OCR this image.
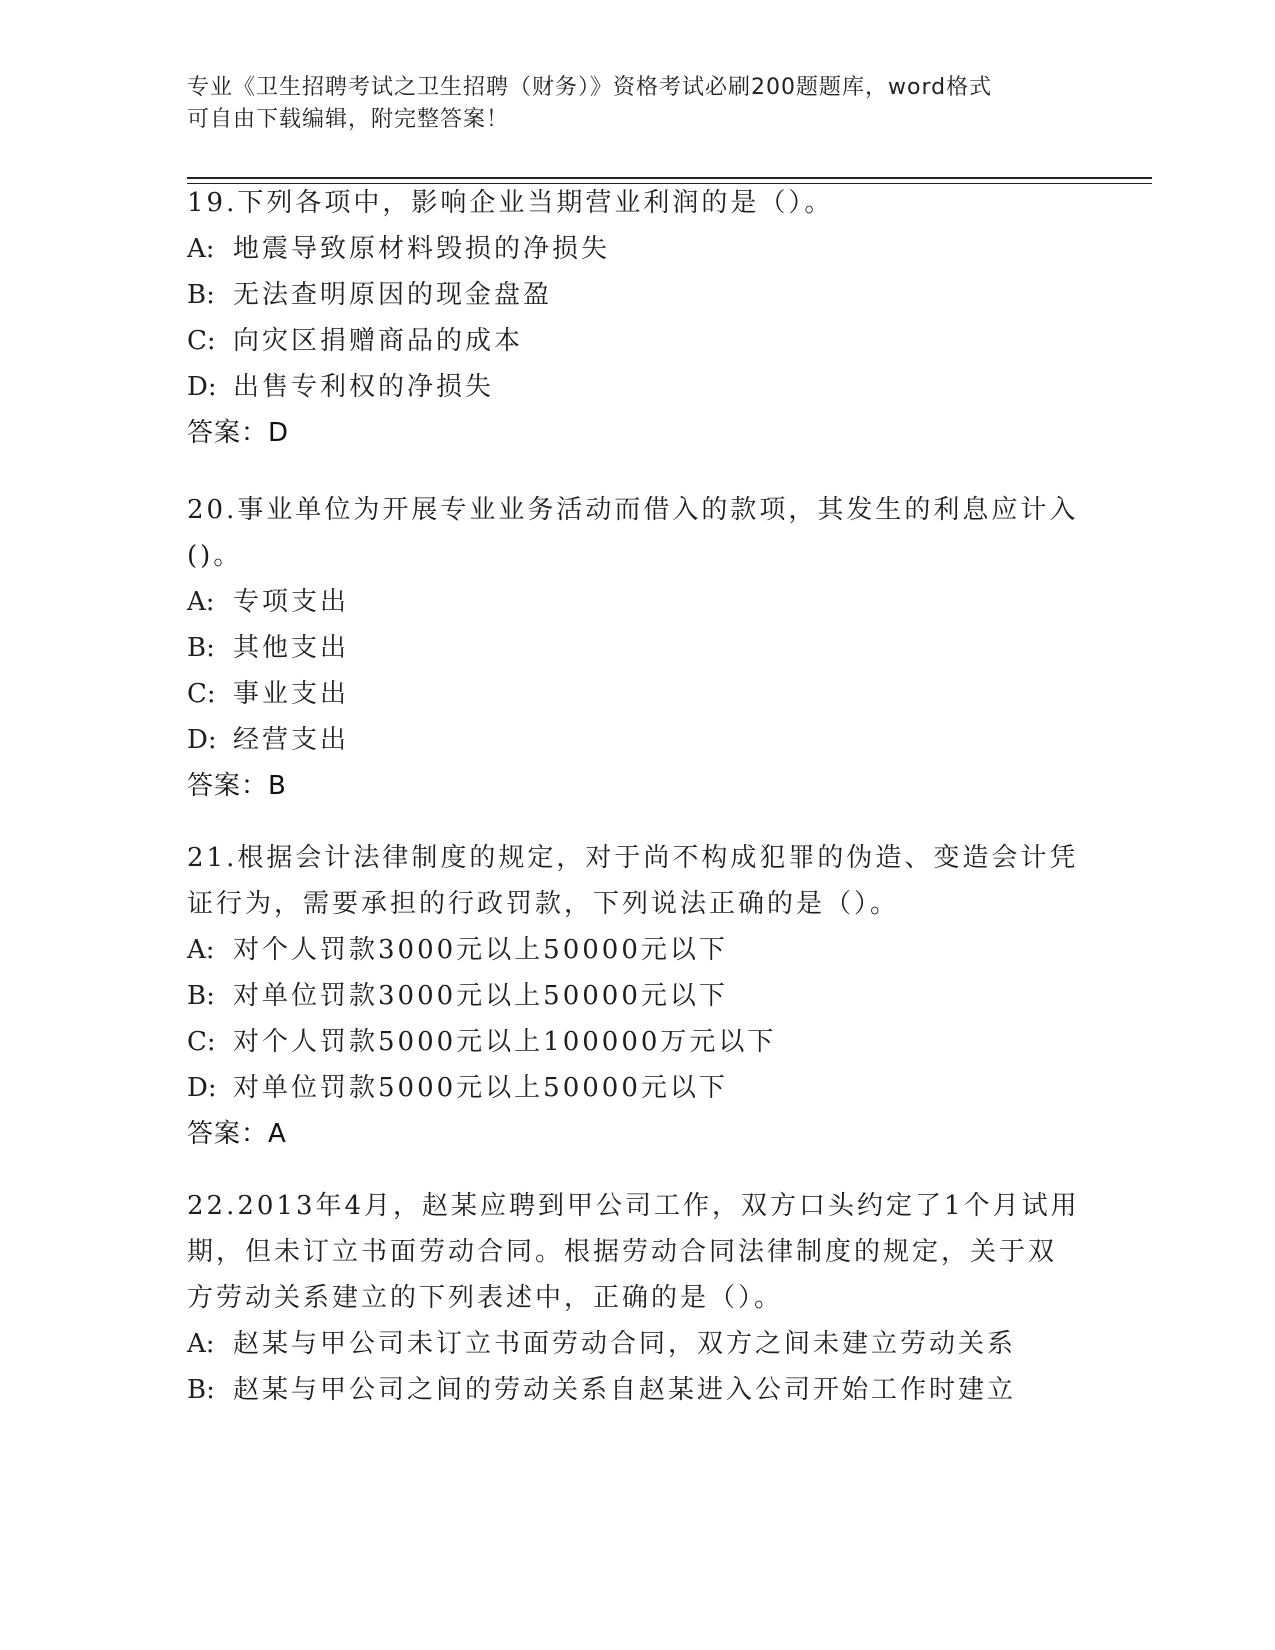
专业《卫生招聘考试之卫生招聘（财务）》资格考试必刷200题题库，word格式
可自由下载编辑，附完整答案！
19.下列各项中，影响企业当期营业利润的是（）。
A: 地震导致原材料毁损的净损失
B: 无法查明原因的现金盘盈
C: 向灾区捐赠商品的成本
D: 出售专利权的净损失
答案：D
20.事业单位为开展专业业务活动而借入的款项，其发生的利息应计入
()。
A: 专项支出
B: 其他支出
C: 事业支出
D: 经营支出
答案：B
21.根据会计法律制度的规定，对于尚不构成犯罪的伪造、变造会计凭
证行为，需要承担的行政罚款，下列说法正确的是（）。
A: 对个人罚款3000元以上50000元以下
B: 对单位罚款3000元以上50000元以下
C: 对个人罚款5000元以上100000万元以下
D: 对单位罚款5000元以上50000元以下
答案：A
22.2013年4月，赵某应聘到甲公司工作，双方口头约定了1个月试用
期，但未订立书面劳动合同。根据劳动合同法律制度的规定，关于双
方劳动关系建立的下列表述中，正确的是（）。
A: 赵某与甲公司未订立书面劳动合同，双方之间未建立劳动关系
B: 赵某与甲公司之间的劳动关系自赵某进入公司开始工作时建立
